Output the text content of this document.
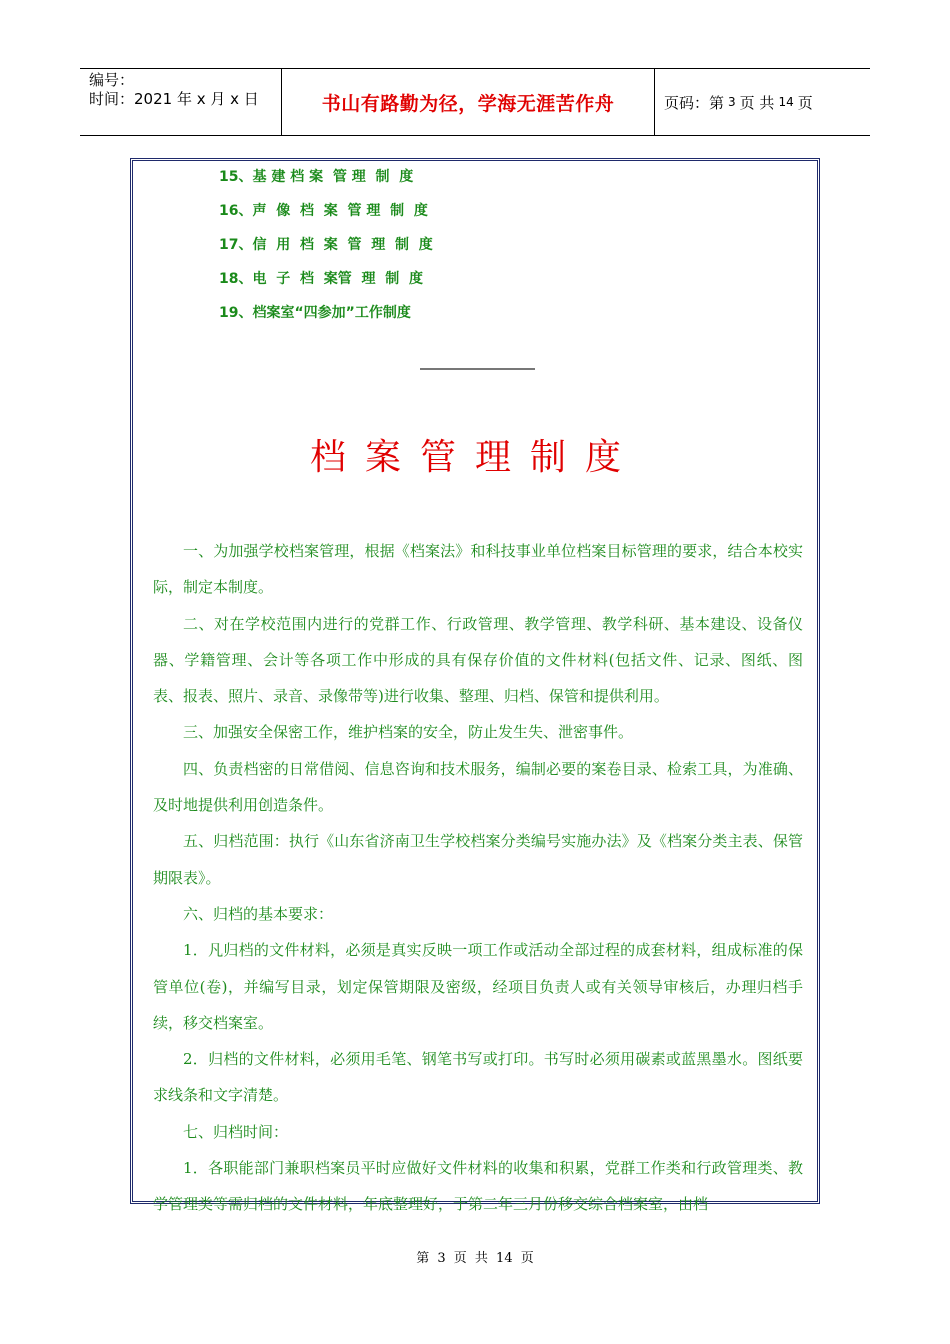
编号：
时间：2021 年 x 月 x 日	书山有路勤为径，学海无涯苦作舟	页码：第 3 页 共 14 页
15、基 建 档 案  管 理  制  度
16、声  像  档  案  管 理  制  度
17、信  用  档  案  管  理  制  度
18、电  子  档  案管  理  制  度
19、档案室“四参加”工作制度
档案管理制度

一、为加强学校档案管理，根据《档案法》和科技事业单位档案目标管理的要求，结合本校实际，制定本制度。

二、对在学校范围内进行的党群工作、行政管理、教学管理、教学科研、基本建设、设备仪器、学籍管理、会计等各项工作中形成的具有保存价值的文件材料(包括文件、记录、图纸、图表、报表、照片、录音、录像带等)进行收集、整理、归档、保管和提供利用。

三、加强安全保密工作，维护档案的安全，防止发生失、泄密事件。

四、负责档密的日常借阅、信息咨询和技术服务，编制必要的案卷目录、检索工具，为准确、及时地提供利用创造条件。

五、归档范围：执行《山东省济南卫生学校档案分类编号实施办法》及《档案分类主表、保管期限表》。

六、归档的基本要求：

1．凡归档的文件材料，必须是真实反映一项工作或活动全部过程的成套材料，组成标准的保管单位(卷)，并编写目录，划定保管期限及密级，经项目负责人或有关领导审核后，办理归档手续，移交档案室。

2．归档的文件材料，必须用毛笔、钢笔书写或打印。书写时必须用碳素或蓝黑墨水。图纸要求线条和文字清楚。

七、归档时间：

1．各职能部门兼职档案员平时应做好文件材料的收集和积累，党群工作类和行政管理类、教学管理类等需归档的文件材料，年底整理好，于第二年三月份移交综合档案室，由档

第 3 页 共 14 页
